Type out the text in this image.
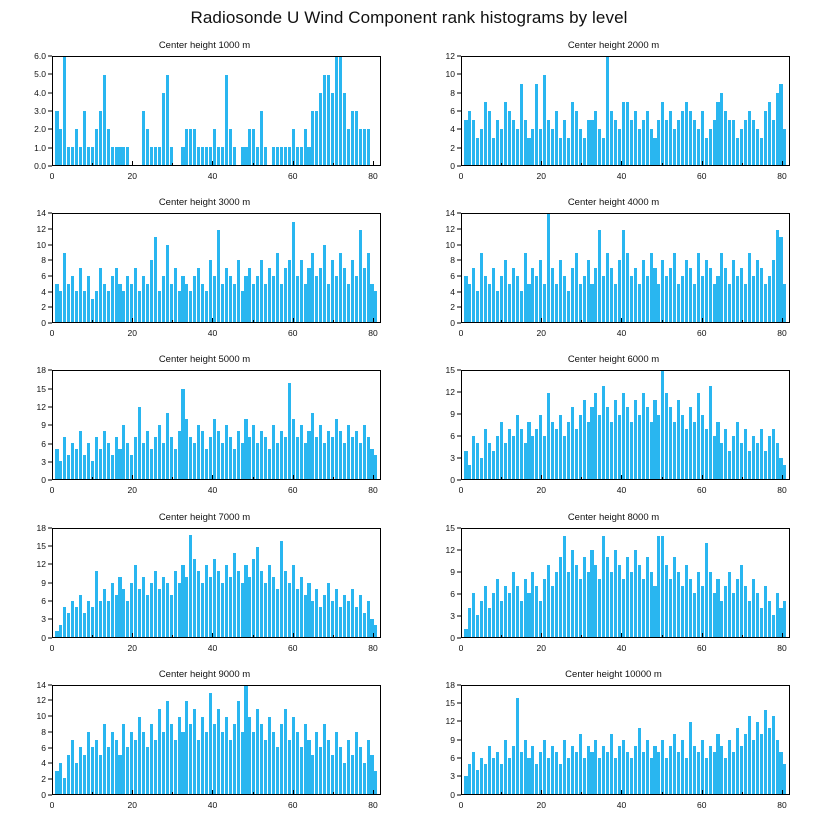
Radiosonde U Wind Component rank histograms by level
Center height 1000 m
0.0
1.0
2.0
3.0
4.0
5.0
6.0
0	20	40	60	80
Center height 2000 m
0
2
4
6
8
10
12
0	20	40	60	80
Center height 3000 m
0
2
4
6
8
10
12
14
0	20	40	60	80
Center height 4000 m
0
2
4
6
8
10
12
14
0	20	40	60	80
Center height 5000 m
0
3
6
9
12
15
18
0	20	40	60	80
Center height 6000 m
0
3
6
9
12
15
0	20	40	60	80
Center height 7000 m
0
3
6
9
12
15
18
0	20	40	60	80
Center height 8000 m
0
3
6
9
12
15
0	20	40	60	80
Center height 9000 m
0
2
4
6
8
10
12
14
0	20	40	60	80
Center height 10000 m
0
3
6
9
12
15
18
0	20	40	60	80
